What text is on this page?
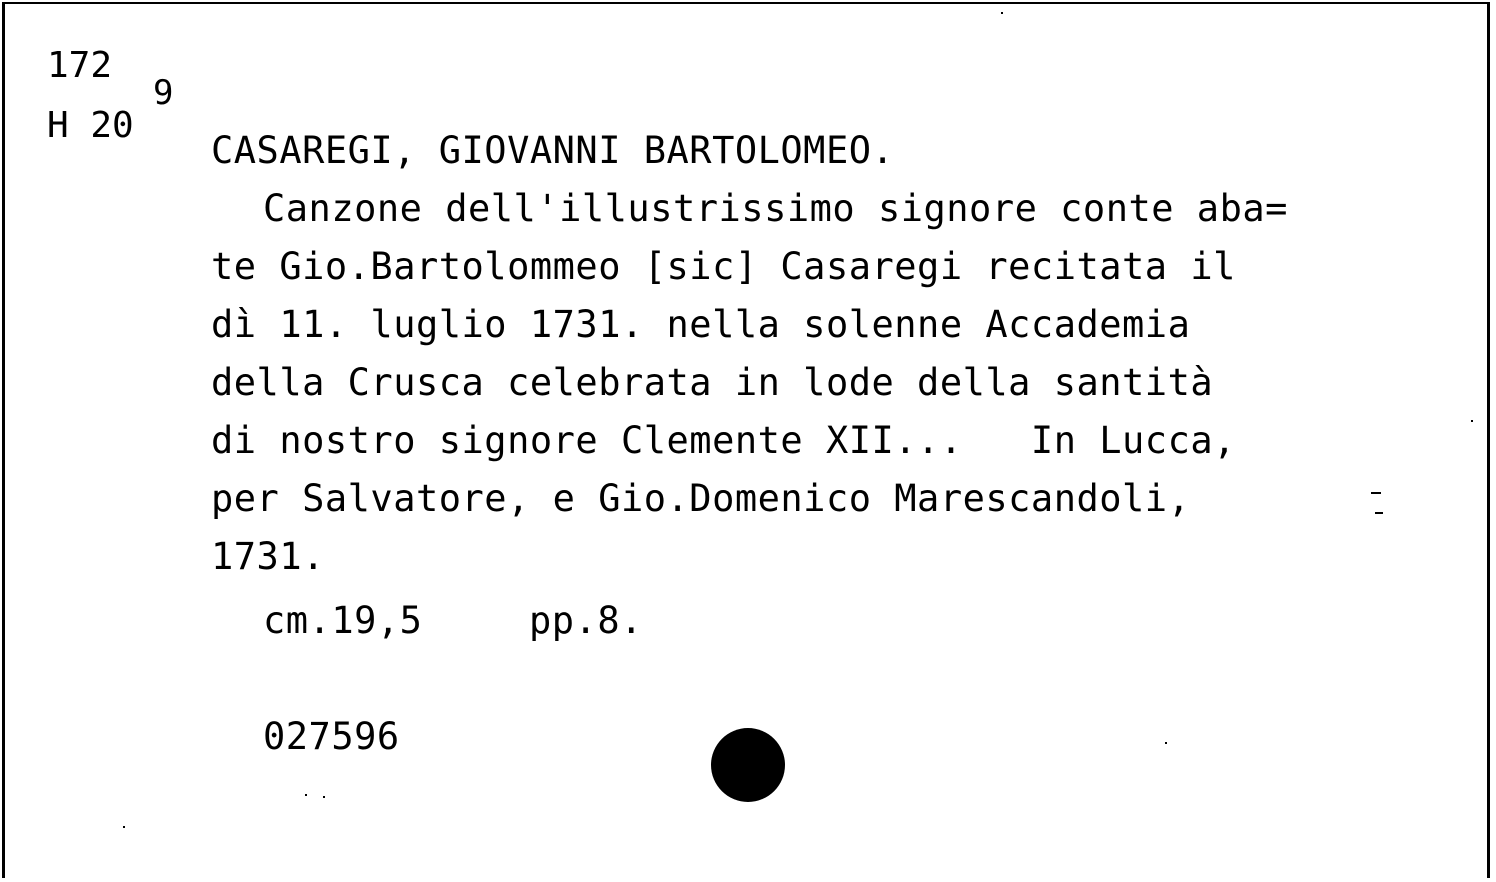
172
H 20
9
CASAREGI, GIOVANNI BARTOLOMEO.
Canzone dell'illustrissimo signore conte aba=
te Gio.Bartolommeo [sic] Casaregi recitata il
dì 11. luglio 1731. nella solenne Accademia
della Crusca celebrata in lode della santità
di nostro signore Clemente XII...   In Lucca,
per Salvatore, e Gio.Domenico Marescandoli,
1731.
cm.19,5	pp.8.
027596
